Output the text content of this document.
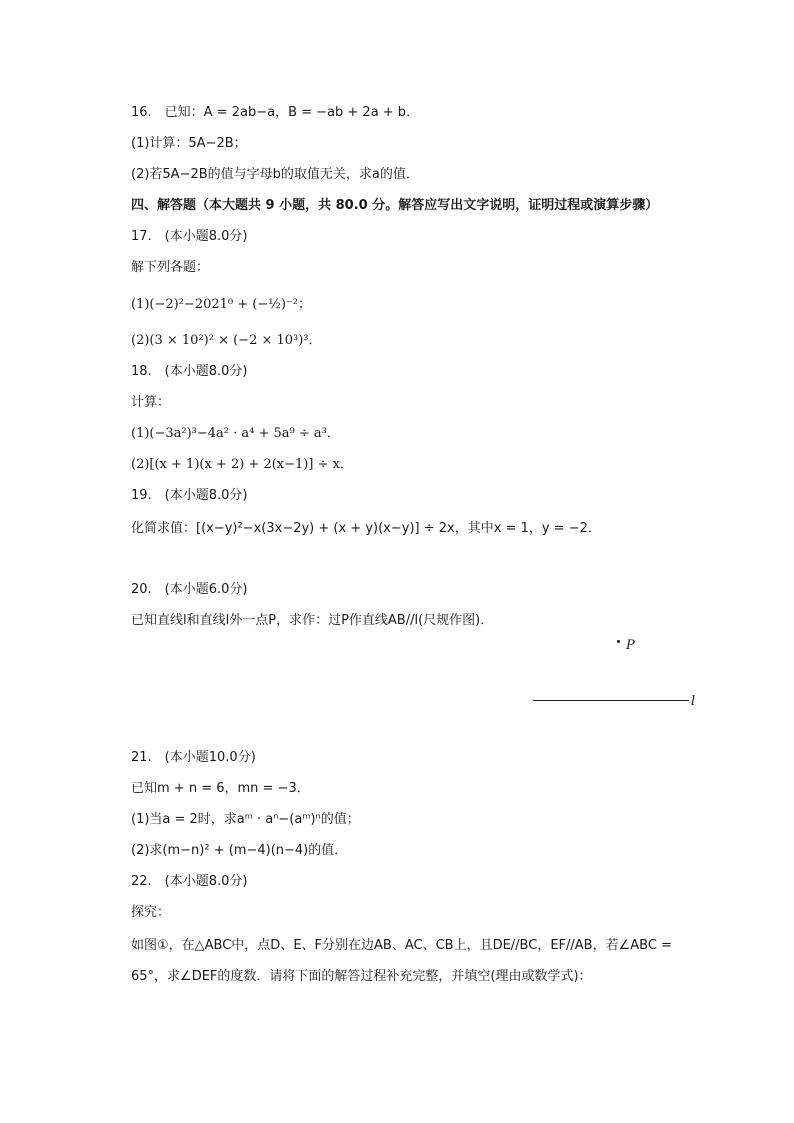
16.　已知：A = 2ab−a，B = −ab + 2a + b．
(1)计算：5A−2B；
(2)若5A−2B的值与字母b的取值无关，求a的值．
四、解答题（本大题共 9 小题，共 80.0 分。解答应写出文字说明，证明过程或演算步骤）
17.　(本小题8.0分)
解下列各题：
(1)(−2)²−2021⁰ + (−½)⁻²；
(2)(3 × 10²)² × (−2 × 10³)³．
18.　(本小题8.0分)
计算：
(1)(−3a²)³−4a² · a⁴ + 5a⁹ ÷ a³．
(2)[(x + 1)(x + 2) + 2(x−1)] ÷ x．
19.　(本小题8.0分)
化简求值：[(x−y)²−x(3x−2y) + (x + y)(x−y)] ÷ 2x，其中x = 1，y = −2．
20.　(本小题6.0分)
已知直线l和直线l外一点P，求作：过P作直线AB//l(尺规作图)．
P
l
21.　(本小题10.0分)
已知m + n = 6，mn = −3．
(1)当a = 2时，求aᵐ · aⁿ−(aᵐ)ⁿ的值；
(2)求(m−n)² + (m−4)(n−4)的值．
22.　(本小题8.0分)
探究：
如图①，在△ABC中，点D、E、F分别在边AB、AC、CB上，且DE//BC，EF//AB，若∠ABC = 65°，求∠DEF的度数．请将下面的解答过程补充完整，并填空(理由或数学式)：
